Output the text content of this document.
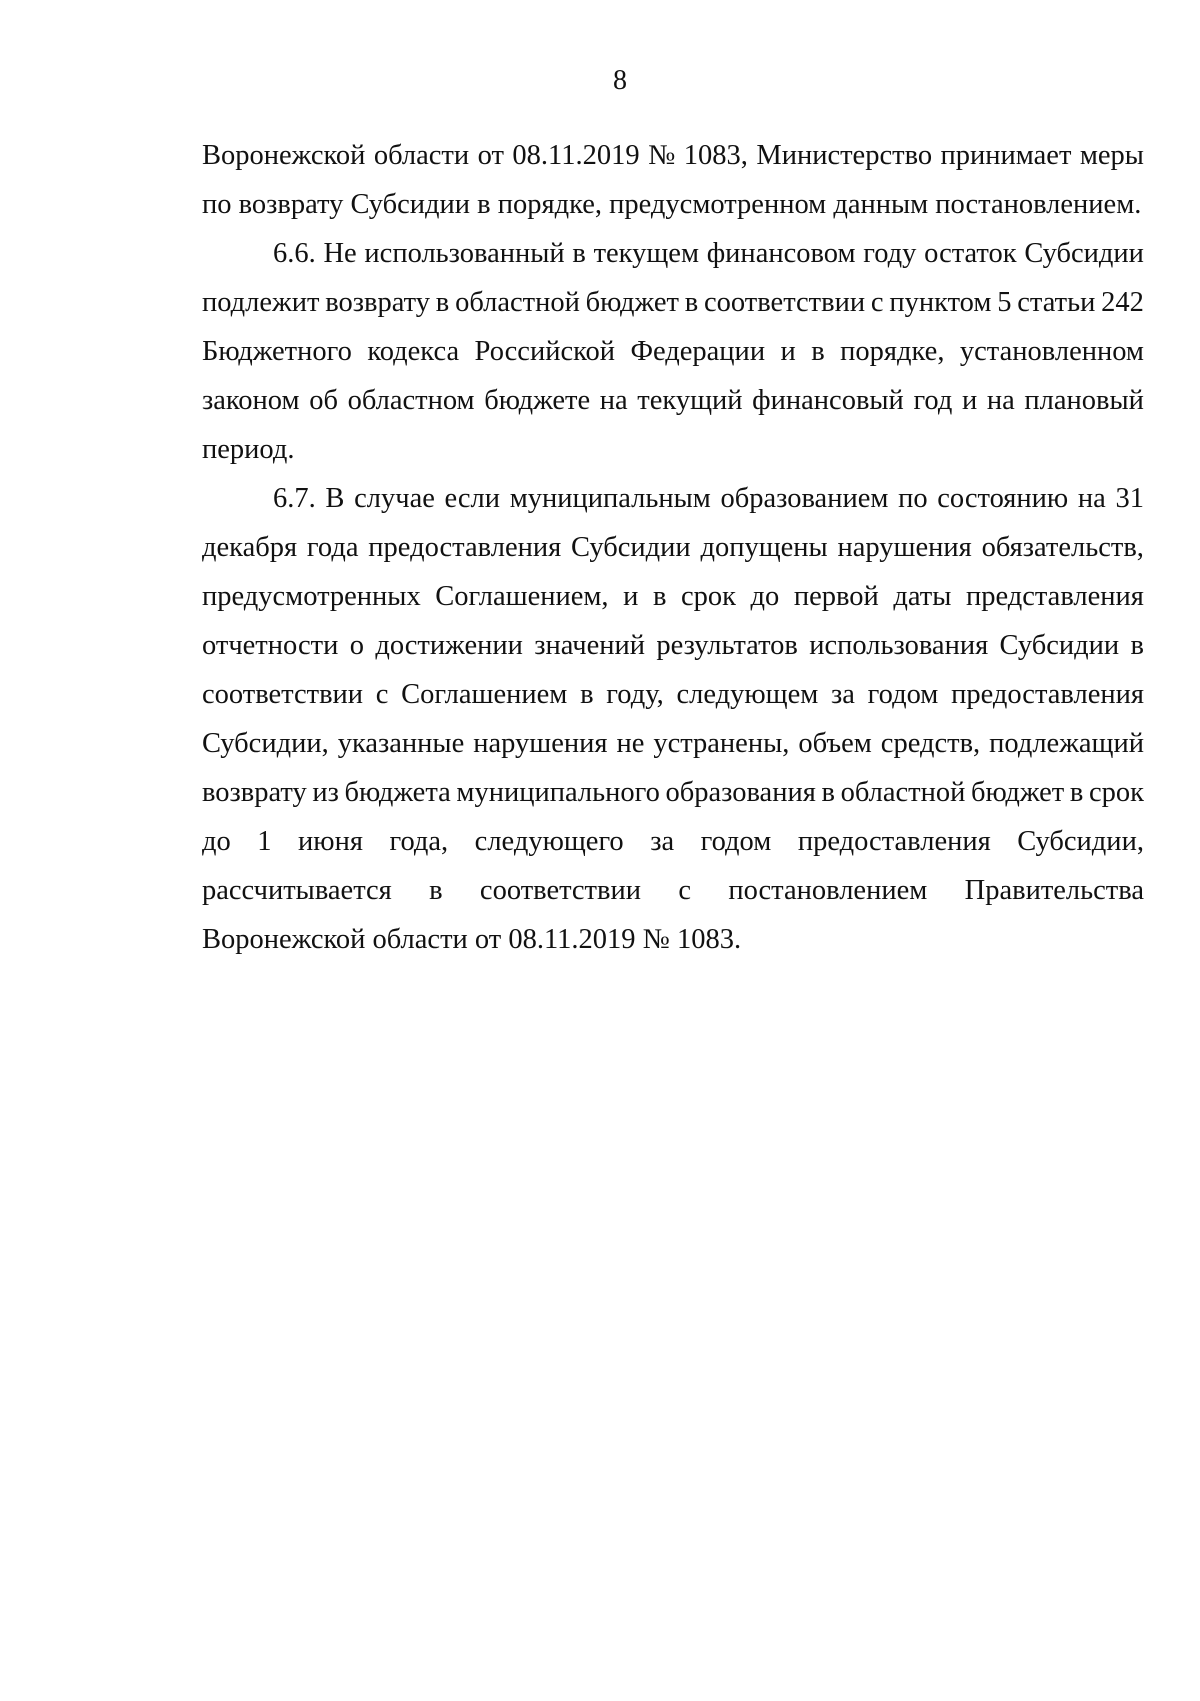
8
Воронежской области от 08.11.2019 № 1083, Министерство принимает меры
по возврату Субсидии в порядке, предусмотренном данным постановлением.
6.6. Не использованный в текущем финансовом году остаток Субсидии
подлежит возврату в областной бюджет в соответствии с пунктом 5 статьи 242
Бюджетного кодекса Российской Федерации и в порядке, установленном
законом об областном бюджете на текущий финансовый год и на плановый
период.
6.7. В случае если муниципальным образованием по состоянию на 31
декабря года предоставления Субсидии допущены нарушения обязательств,
предусмотренных Соглашением, и в срок до первой даты представления
отчетности о достижении значений результатов использования Субсидии в
соответствии с Соглашением в году, следующем за годом предоставления
Субсидии, указанные нарушения не устранены, объем средств, подлежащий
возврату из бюджета муниципального образования в областной бюджет в срок
до 1 июня года, следующего за годом предоставления Субсидии,
рассчитывается в соответствии с постановлением Правительства
Воронежской области от 08.11.2019 № 1083.
